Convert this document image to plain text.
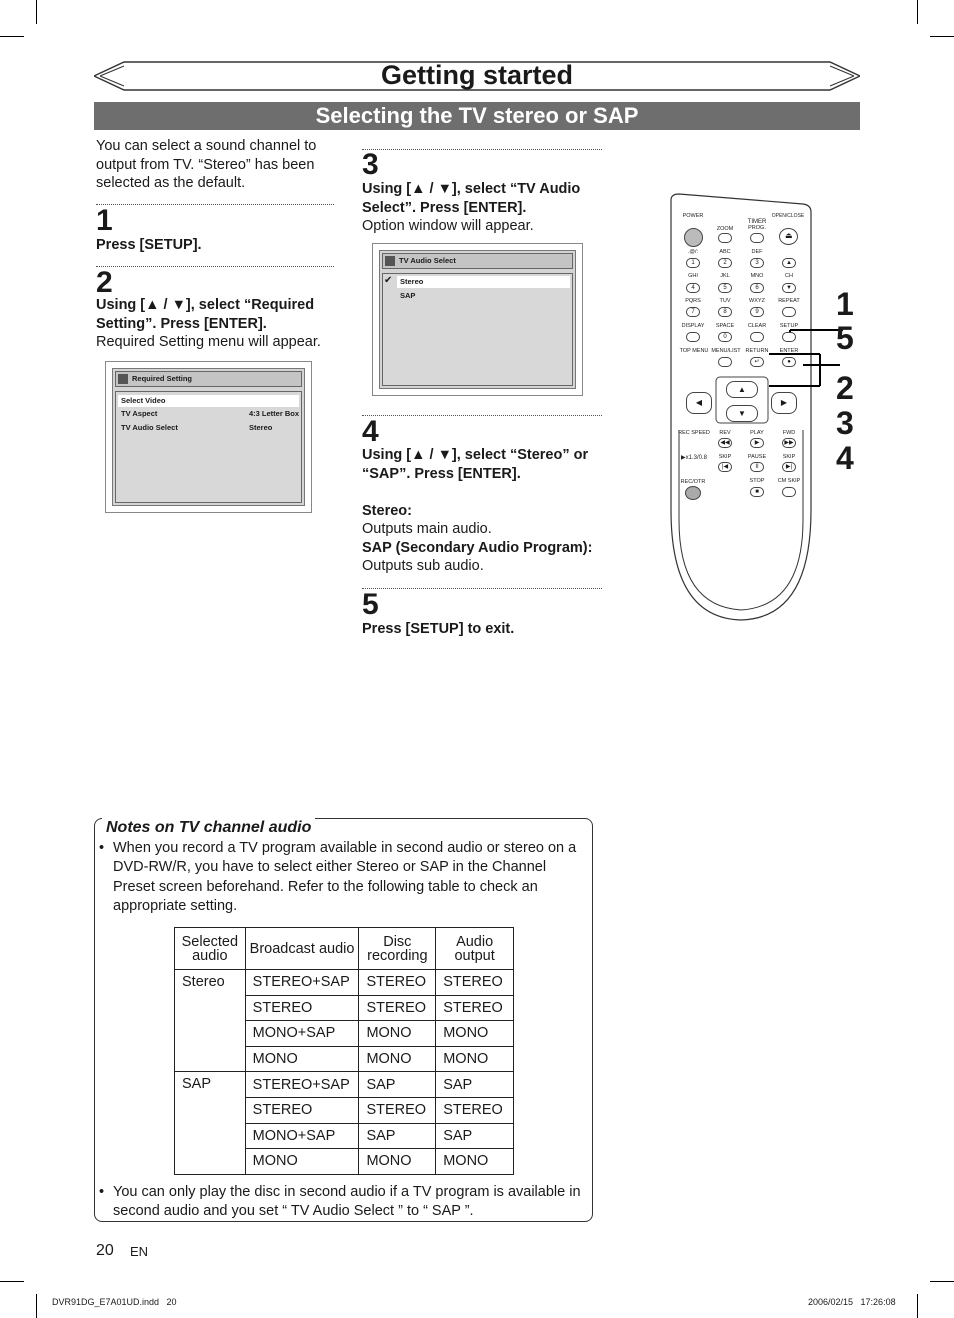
Getting started
Selecting the TV stereo or SAP
You can select a sound channel to output from TV. “Stereo” has been selected as the default.
1
Press [SETUP].
2
Using [▲ / ▼], select “Required Setting”. Press [ENTER].
Required Setting menu will appear.
Required Setting
Select Video
TV Aspect	4:3 Letter Box
TV Audio Select	Stereo
3
Using [▲ / ▼], select “TV Audio Select”. Press [ENTER].
Option window will appear.
TV Audio Select
✔	Stereo
SAP
4
Using [▲ / ▼], select “Stereo” or “SAP”. Press [ENTER].
Stereo:
Outputs main audio.
SAP (Secondary Audio Program):
Outputs sub audio.
5
Press [SETUP] to exit.
POWER
ZOOM
TIMER
PROG.
OPEN/CLOSE
⏏
.@/:	ABC	DEF
1	2	3	▲
GHI	JKL	MNO	CH
4	5	6	▼
PQRS	TUV	WXYZ	REPEAT
7	8	9
DISPLAY	SPACE	CLEAR	SETUP
0
TOP MENU MENU/LIST RETURN	ENTER
↵	●
▲
▼
◀	▶
REC SPEED	REV	PLAY	FWD
◀◀	▶	▶▶
▶x1.3/0.8	SKIP	PAUSE	SKIP
|◀	II	▶|
REC/OTR	STOP	CM SKIP
■
1
5
2
3
4
Notes on TV channel audio
• When you record a TV program available in second audio or stereo on a DVD-RW/R, you have to select either Stereo or SAP in the Channel Preset screen beforehand. Refer to the following table to check an appropriate setting.
Selected audio	Broadcast audio	Disc recording	Audio output
Stereo	STEREO+SAP	STEREO	STEREO
	STEREO	STEREO	STEREO
	MONO+SAP	MONO	MONO
	MONO	MONO	MONO
SAP	STEREO+SAP	SAP	SAP
	STEREO	STEREO	STEREO
	MONO+SAP	SAP	SAP
	MONO	MONO	MONO
• You can only play the disc in second audio if a TV program is available in second audio and you set “ TV Audio Select ” to “ SAP ”.
20 EN
DVR91DG_E7A01UD.indd   20	2006/02/15   17:26:08
